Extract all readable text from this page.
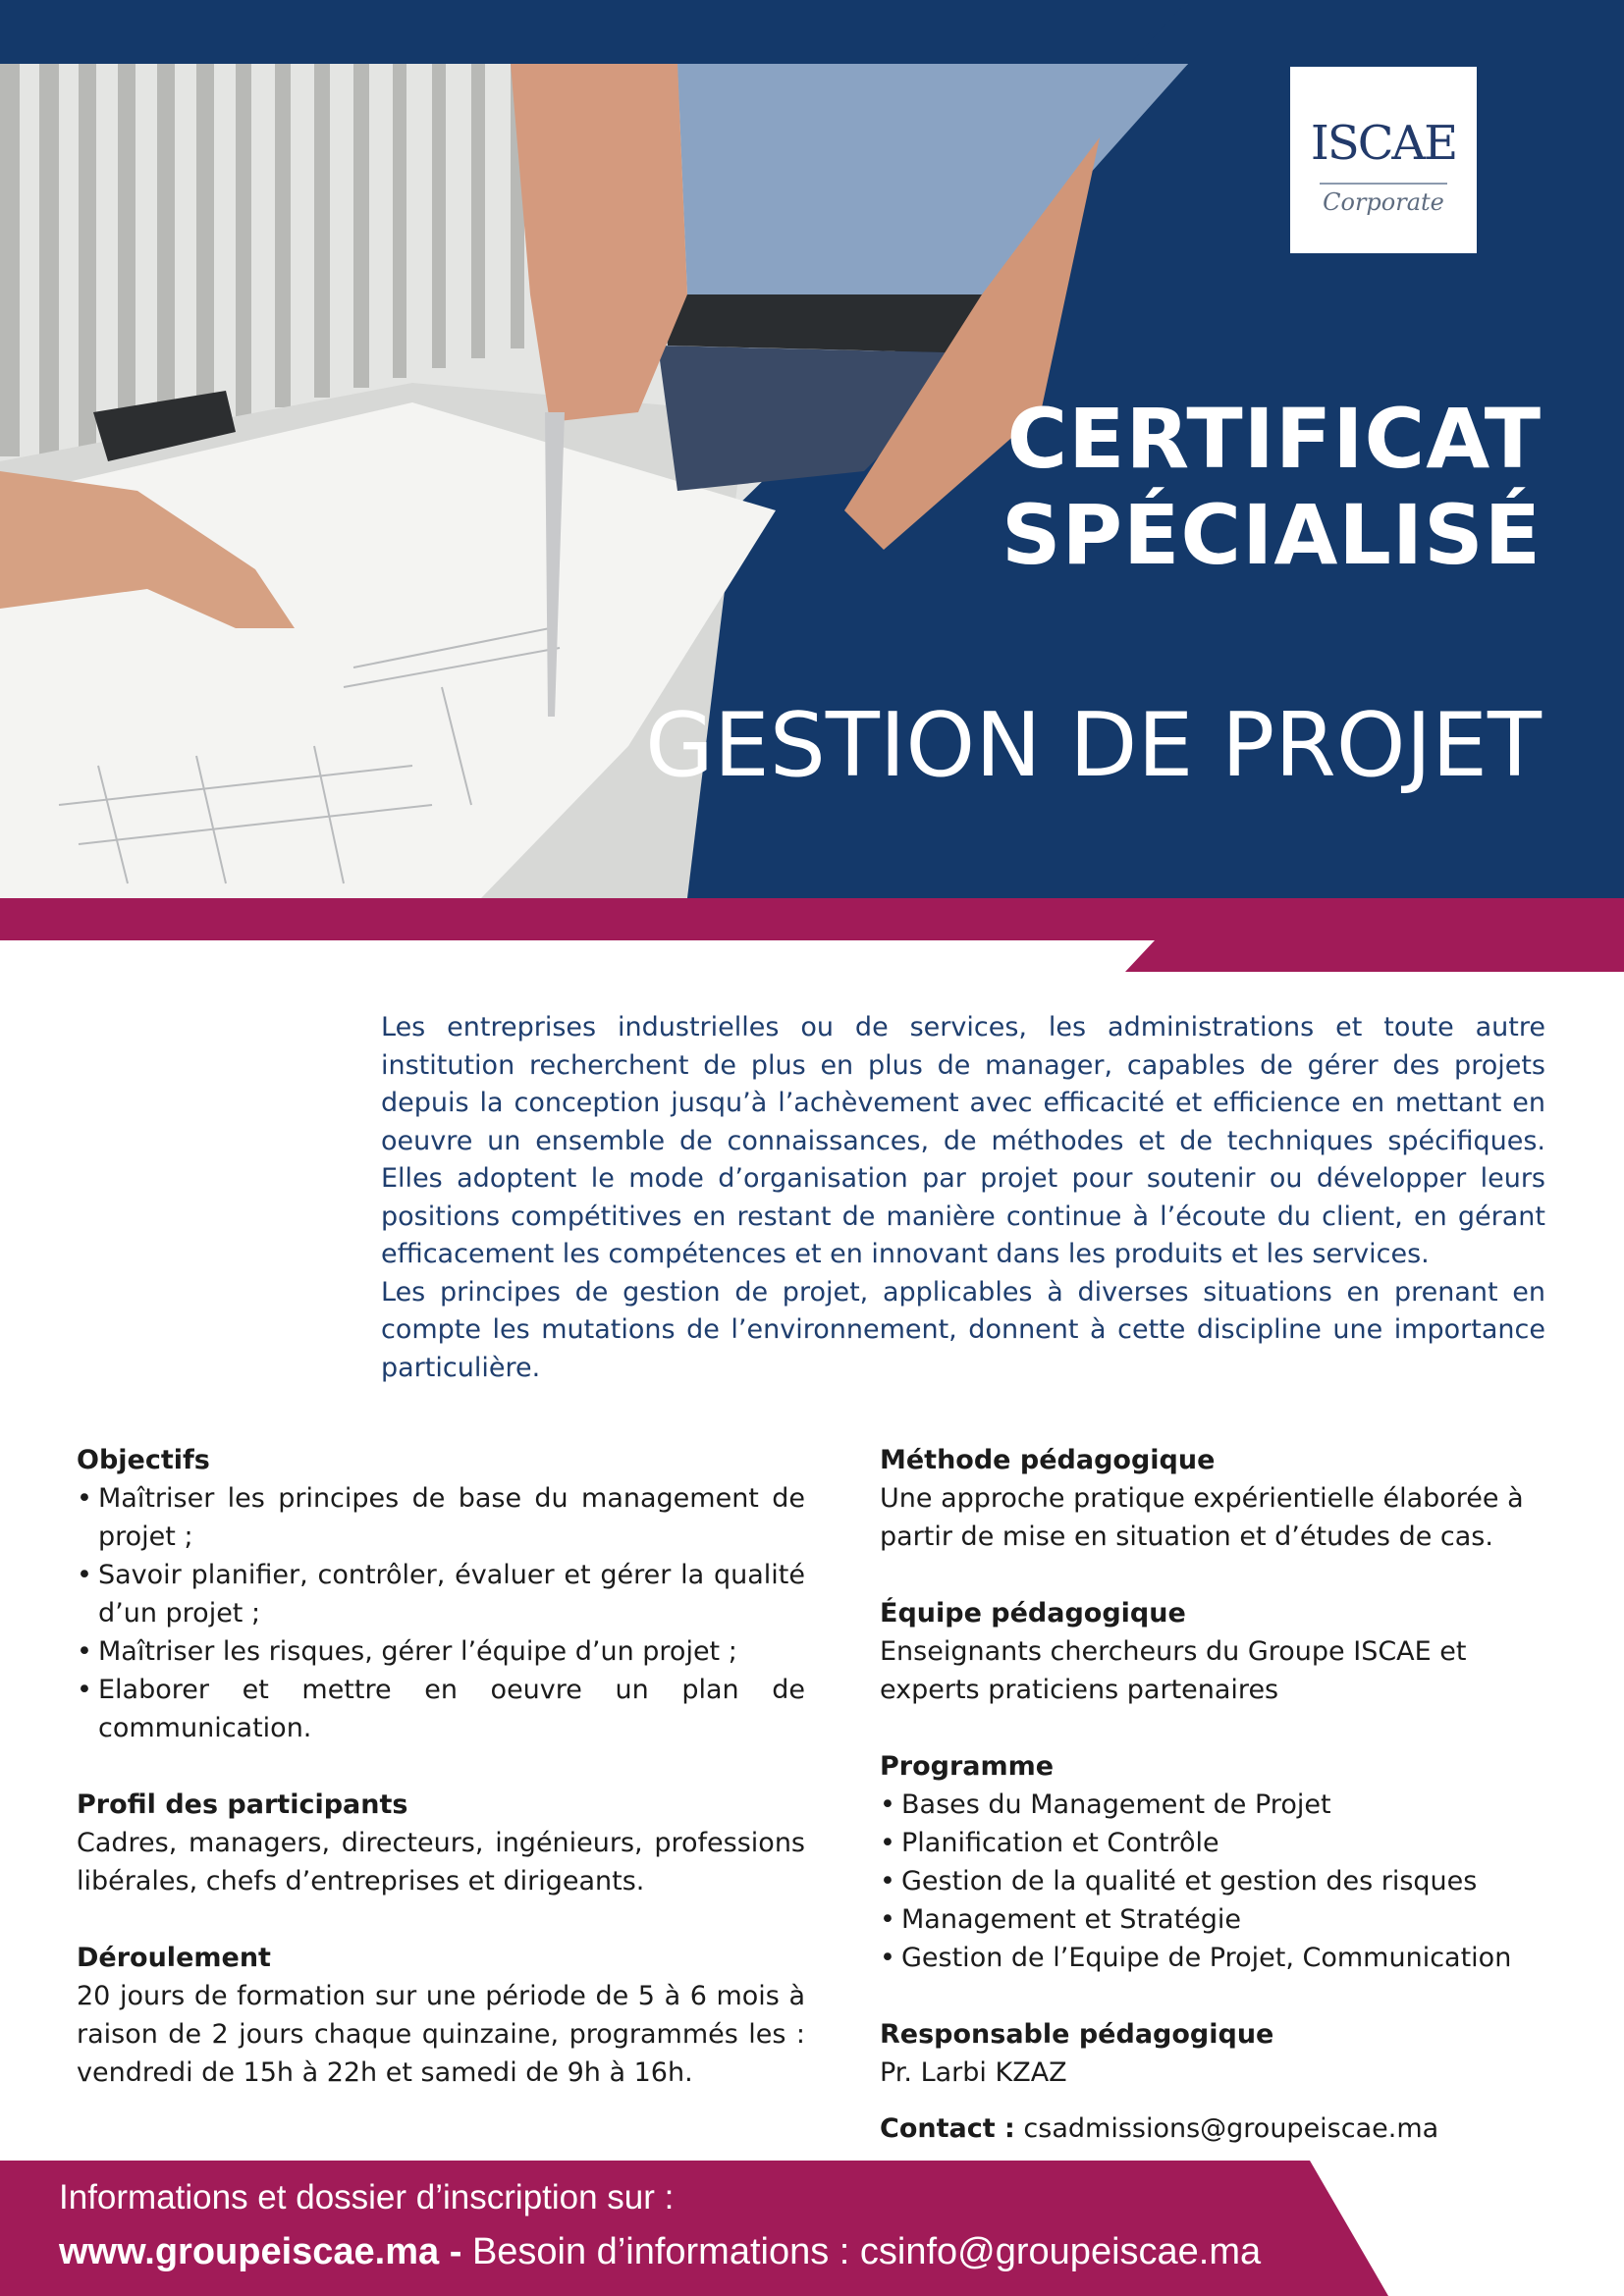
ISCAE
Corporate
CERTIFICAT
SPÉCIALISÉ
GESTION DE PROJET

Les entreprises industrielles ou de services, les administrations et toute autre institution recherchent de plus en plus de manager, capables de gérer des projets depuis la conception jusqu’à l’achèvement avec efficacité et efficience en mettant en oeuvre un ensemble de connaissances, de méthodes et de techniques spécifiques. Elles adoptent le mode d’organisation par projet pour soutenir ou développer leurs positions compétitives en restant de manière continue à l’écoute du client, en gérant efficacement les compétences et en innovant dans les produits et les services.

Les principes de gestion de projet, applicables à diverses situations en prenant en compte les mutations de l’environnement, donnent à cette discipline une importance particulière.

Objectifs
• Maîtriser les principes de base du management de projet ;
• Savoir planifier, contrôler, évaluer et gérer la qualité d’un projet ;
• Maîtriser les risques, gérer l’équipe d’un projet ;
• Elaborer et mettre en oeuvre un plan de communication.
Profil des participants

Cadres, managers, directeurs, ingénieurs, professions libérales, chefs d’entreprises et dirigeants.

Déroulement

20 jours de formation sur une période de 5 à 6 mois à raison de 2 jours chaque quinzaine, programmés les : vendredi de 15h à 22h et samedi de 9h à 16h.

Méthode pédagogique

Une approche pratique expérientielle élaborée à partir de mise en situation et d’études de cas.

Équipe pédagogique

Enseignants chercheurs du Groupe ISCAE et experts praticiens partenaires

Programme
• Bases du Management de Projet
• Planification et Contrôle
• Gestion de la qualité et gestion des risques
• Management et Stratégie
• Gestion de l’Equipe de Projet, Communication
Responsable pédagogique

Pr. Larbi KZAZ

Contact : csadmissions@groupeiscae.ma

Informations et dossier d’inscription sur :
www.groupeiscae.ma - Besoin d’informations : csinfo@groupeiscae.ma
